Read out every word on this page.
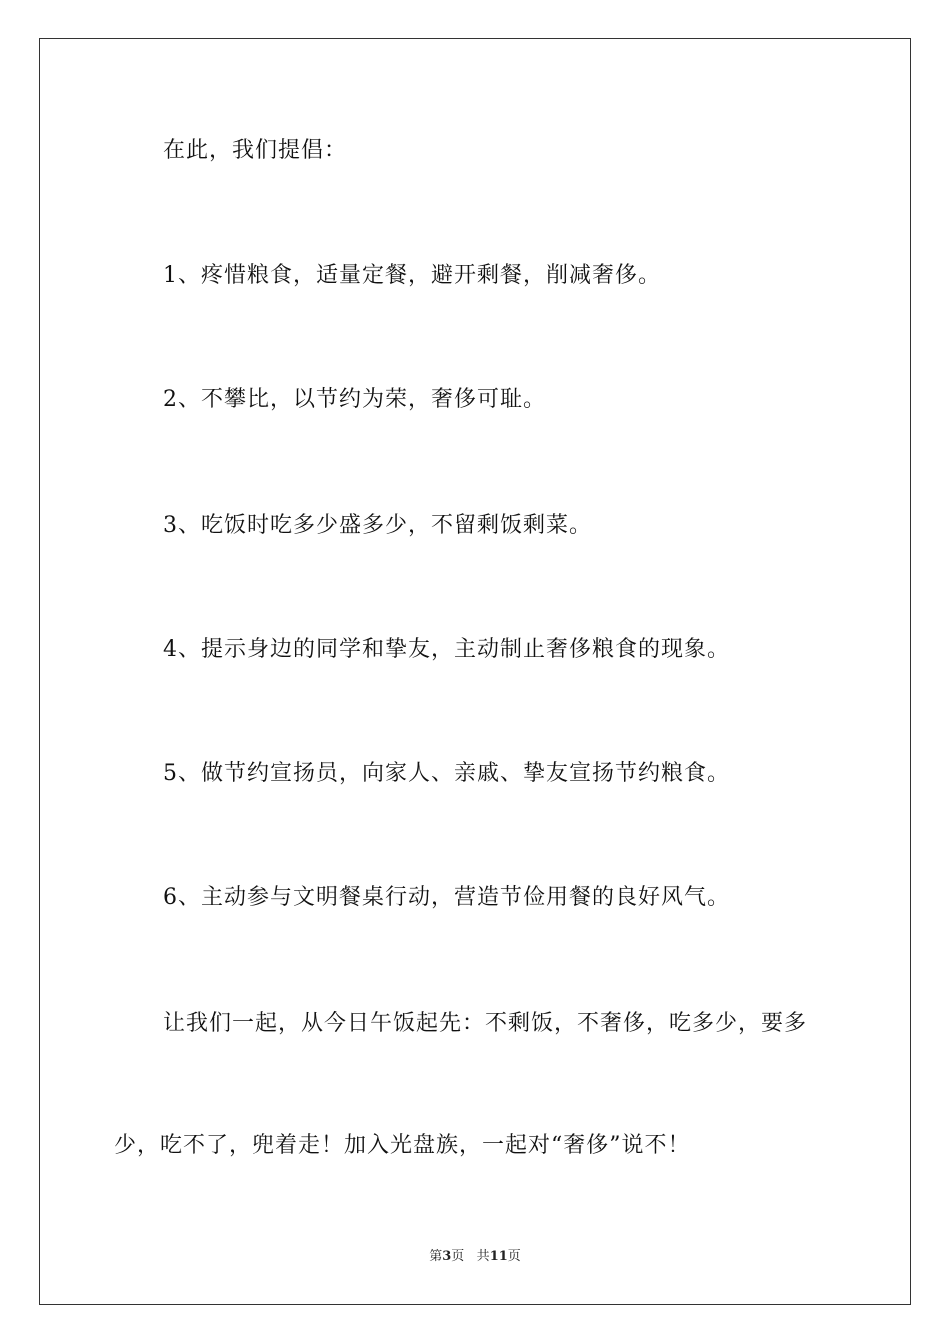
在此，我们提倡：
1、疼惜粮食，适量定餐，避开剩餐，削减奢侈。
2、不攀比，以节约为荣，奢侈可耻。
3、吃饭时吃多少盛多少，不留剩饭剩菜。
4、提示身边的同学和挚友，主动制止奢侈粮食的现象。
5、做节约宣扬员，向家人、亲戚、挚友宣扬节约粮食。
6、主动参与文明餐桌行动，营造节俭用餐的良好风气。
让我们一起，从今日午饭起先：不剩饭，不奢侈，吃多少，要多
少，吃不了，兜着走！加入光盘族，一起对“奢侈”说不！
第3页 共11页
